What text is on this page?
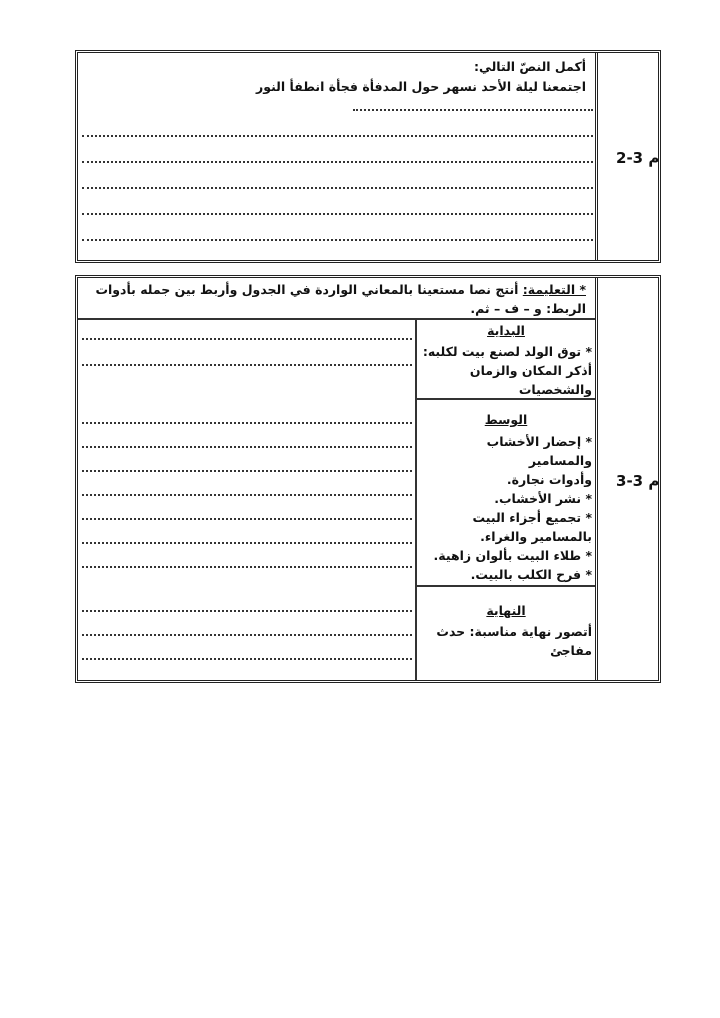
م 3-2
أكمل النصّ التالي:
اجتمعنا ليلة الأحد نسهر حول المدفأة فجأة انطفأ النور
م 3-3
* التعليمة: أنتج نصا مستعينا بالمعاني الواردة في الجدول وأربط بين جمله بأدوات الربط: و – ف – ثم.
البداية
* توق الولد لصنع بيت لكلبه:
أذكر المكان والزمان
والشخصيات
الوسط
* إحضار الأخشاب والمسامير
وأدوات نجارة.
* نشر الأخشاب.
* تجميع أجزاء البيت
بالمسامير والغراء.
* طلاء البيت بألوان زاهية.
* فرح الكلب بالبيت.
النهاية
أتصور نهاية مناسبة: حدث
مفاجئ
